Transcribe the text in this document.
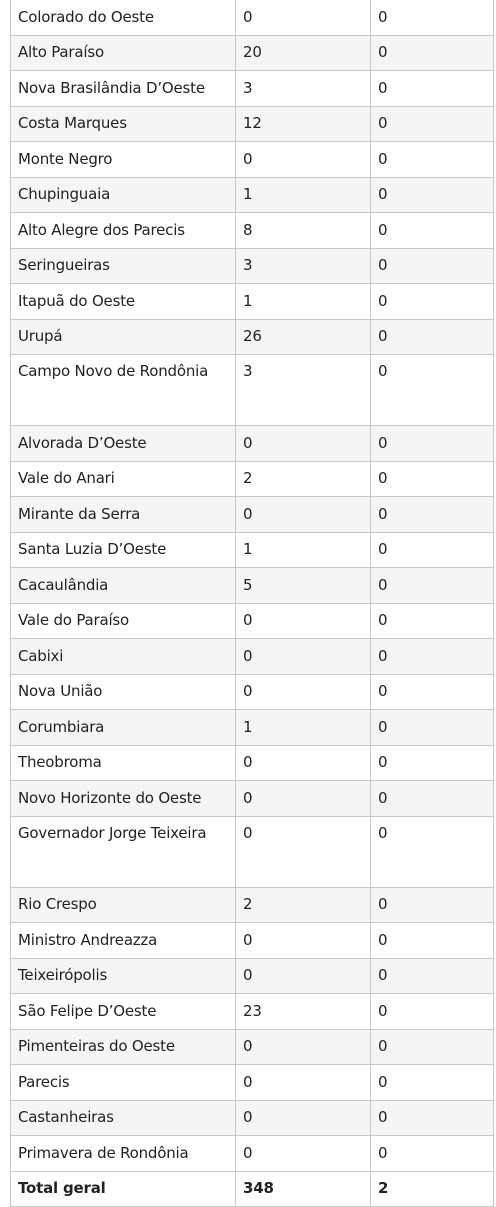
Colorado do Oeste	0	0
Alto Paraíso	20	0
Nova Brasilândia D’Oeste	3	0
Costa Marques	12	0
Monte Negro	0	0
Chupinguaia	1	0
Alto Alegre dos Parecis	8	0
Seringueiras	3	0
Itapuã do Oeste	1	0
Urupá	26	0
Campo Novo de Rondônia	3	0
Alvorada D’Oeste	0	0
Vale do Anari	2	0
Mirante da Serra	0	0
Santa Luzia D’Oeste	1	0
Cacaulândia	5	0
Vale do Paraíso	0	0
Cabixi	0	0
Nova União	0	0
Corumbiara	1	0
Theobroma	0	0
Novo Horizonte do Oeste	0	0
Governador Jorge Teixeira	0	0
Rio Crespo	2	0
Ministro Andreazza	0	0
Teixeirópolis	0	0
São Felipe D’Oeste	23	0
Pimenteiras do Oeste	0	0
Parecis	0	0
Castanheiras	0	0
Primavera de Rondônia	0	0
Total geral	348	2
